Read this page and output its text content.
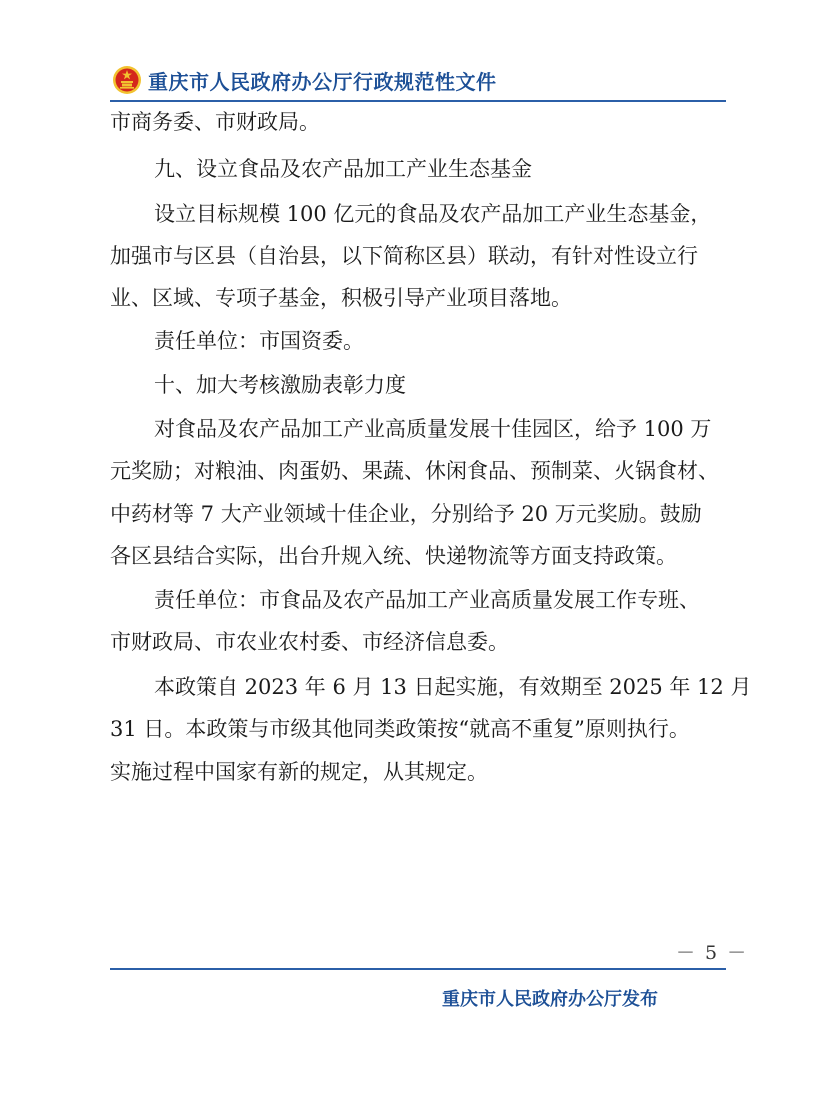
重庆市人民政府办公厅行政规范性文件
市商务委、市财政局。
九、设立食品及农产品加工产业生态基金
设立目标规模 100 亿元的食品及农产品加工产业生态基金，
加强市与区县（自治县，以下简称区县）联动，有针对性设立行
业、区域、专项子基金，积极引导产业项目落地。
责任单位：市国资委。
十、加大考核激励表彰力度
对食品及农产品加工产业高质量发展十佳园区，给予 100 万
元奖励；对粮油、肉蛋奶、果蔬、休闲食品、预制菜、火锅食材、
中药材等 7 大产业领域十佳企业，分别给予 20 万元奖励。鼓励
各区县结合实际，出台升规入统、快递物流等方面支持政策。
责任单位：市食品及农产品加工产业高质量发展工作专班、
市财政局、市农业农村委、市经济信息委。
本政策自 2023 年 6 月 13 日起实施，有效期至 2025 年 12 月
31 日。本政策与市级其他同类政策按“就高不重复”原则执行。
实施过程中国家有新的规定，从其规定。
－ 5 －
重庆市人民政府办公厅发布
